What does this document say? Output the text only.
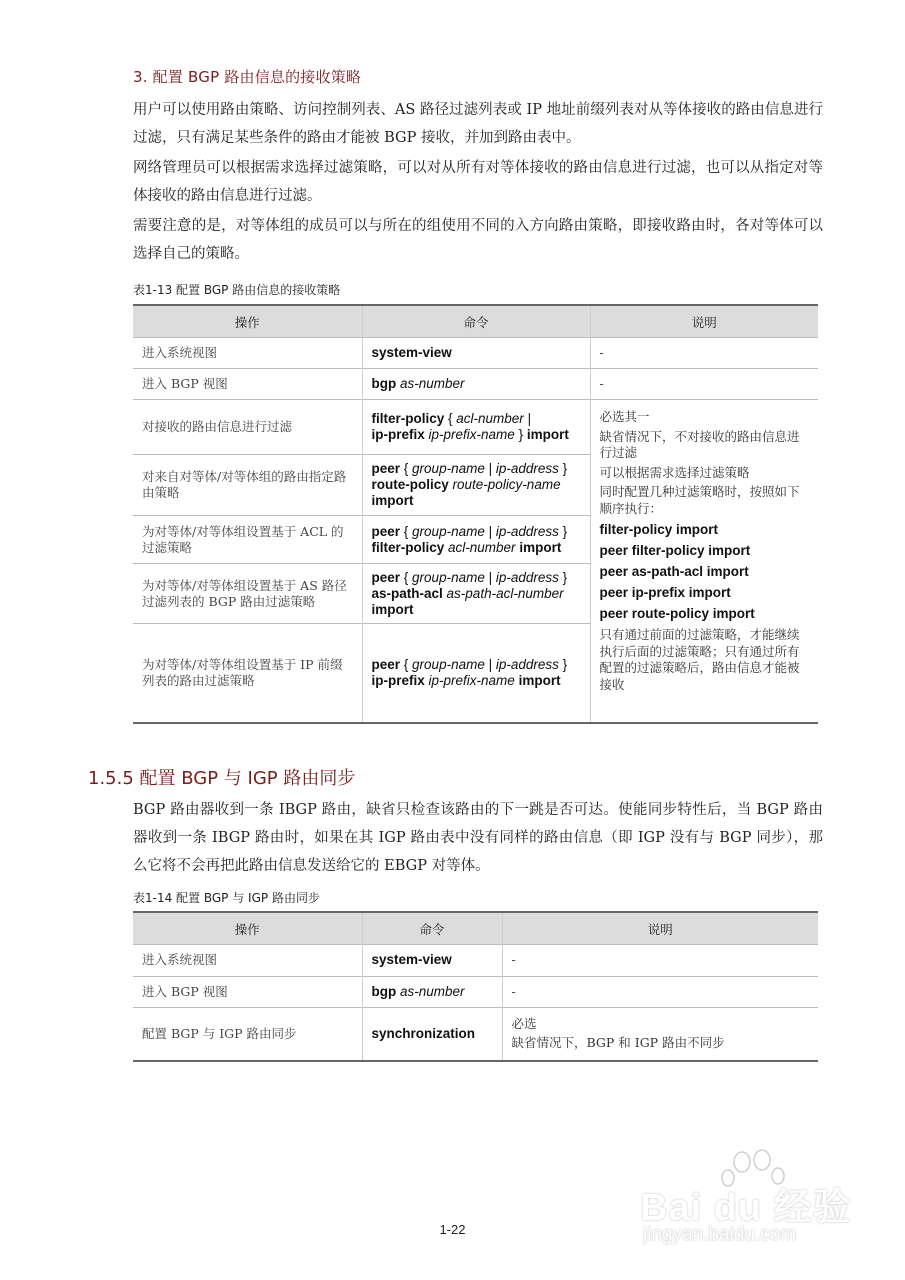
3. 配置 BGP 路由信息的接收策略
用户可以使用路由策略、访问控制列表、AS 路径过滤列表或 IP 地址前缀列表对从等体接收的路由信息进行过滤，只有满足某些条件的路由才能被 BGP 接收，并加到路由表中。
网络管理员可以根据需求选择过滤策略，可以对从所有对等体接收的路由信息进行过滤，也可以从指定对等体接收的路由信息进行过滤。
需要注意的是，对等体组的成员可以与所在的组使用不同的入方向路由策略，即接收路由时，各对等体可以选择自己的策略。
表1-13 配置 BGP 路由信息的接收策略
操作	命令	说明
进入系统视图	system-view	-
进入 BGP 视图	bgp as-number	-
对接收的路由信息进行过滤	filter-policy { acl-number |
ip-prefix ip-prefix-name } import	
必选其一
缺省情况下，不对接收的路由信息进行过滤
可以根据需求选择过滤策略
同时配置几种过滤策略时，按照如下顺序执行：
filter-policy import
peer filter-policy import
peer as-path-acl import
peer ip-prefix import
peer route-policy import
只有通过前面的过滤策略，才能继续执行后面的过滤策略；只有通过所有配置的过滤策略后，路由信息才能被接收

对来自对等体/对等体组的路由指定路由策略	peer { group-name | ip-address }
route-policy route-policy-name
import	
为对等体/对等体组设置基于 ACL 的过滤策略	peer { group-name | ip-address }
filter-policy acl-number import	
为对等体/对等体组设置基于 AS 路径过滤列表的 BGP 路由过滤策略	peer { group-name | ip-address }
as-path-acl as-path-acl-number
import	
为对等体/对等体组设置基于 IP 前缀列表的路由过滤策略	peer { group-name | ip-address }
ip-prefix ip-prefix-name import	
1.5.5 配置 BGP 与 IGP 路由同步
BGP 路由器收到一条 IBGP 路由，缺省只检查该路由的下一跳是否可达。使能同步特性后，当 BGP 路由器收到一条 IBGP 路由时，如果在其 IGP 路由表中没有同样的路由信息（即 IGP 没有与 BGP 同步），那么它将不会再把此路由信息发送给它的 EBGP 对等体。
表1-14 配置 BGP 与 IGP 路由同步
操作	命令	说明
进入系统视图	system-view	-

进入 BGP 视图	bgp as-number	-

配置 BGP 与 IGP 路由同步	synchronization	必选
缺省情况下，BGP 和 IGP 路由不同步
Bai du 经验
jingyan.baidu.com
1-22
